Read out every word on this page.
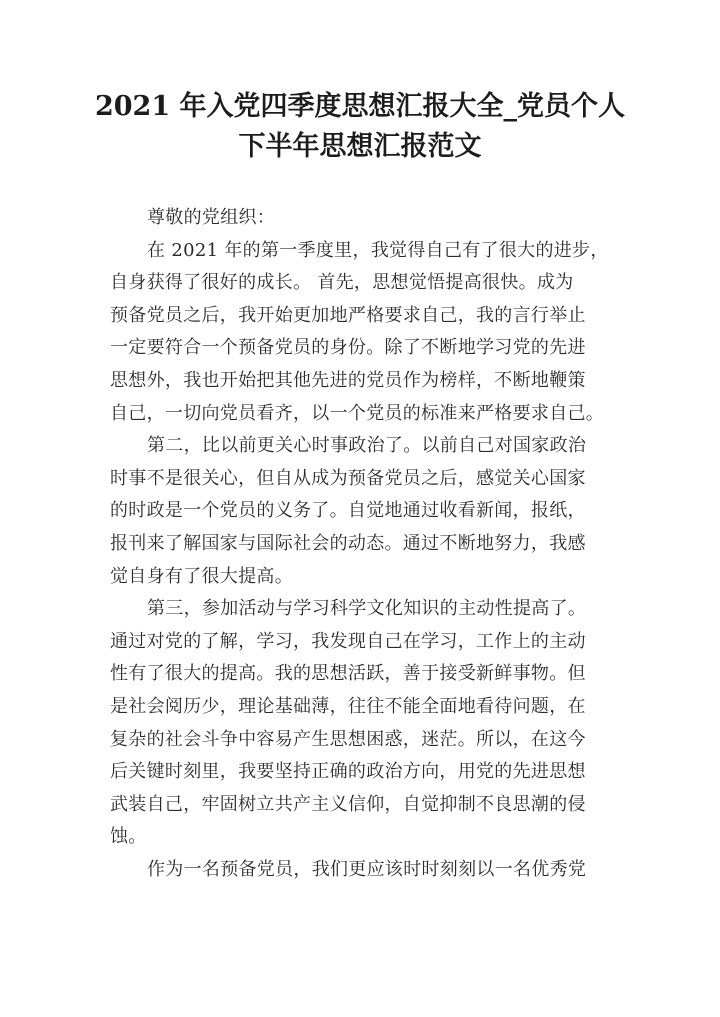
2021 年入党四季度思想汇报大全_党员个人
下半年思想汇报范文
尊敬的党组织：
在 2021 年的第一季度里，我觉得自己有了很大的进步，
自身获得了很好的成长。 首先，思想觉悟提高很快。成为
预备党员之后，我开始更加地严格要求自己，我的言行举止
一定要符合一个预备党员的身份。除了不断地学习党的先进
思想外，我也开始把其他先进的党员作为榜样，不断地鞭策
自己，一切向党员看齐，以一个党员的标准来严格要求自己。
第二，比以前更关心时事政治了。以前自己对国家政治
时事不是很关心，但自从成为预备党员之后，感觉关心国家
的时政是一个党员的义务了。自觉地通过收看新闻，报纸，
报刊来了解国家与国际社会的动态。通过不断地努力，我感
觉自身有了很大提高。
第三，参加活动与学习科学文化知识的主动性提高了。
通过对党的了解，学习，我发现自己在学习，工作上的主动
性有了很大的提高。我的思想活跃，善于接受新鲜事物。但
是社会阅历少，理论基础薄，往往不能全面地看待问题，在
复杂的社会斗争中容易产生思想困惑，迷茫。所以，在这今
后关键时刻里，我要坚持正确的政治方向，用党的先进思想
武装自己，牢固树立共产主义信仰，自觉抑制不良思潮的侵
蚀。
作为一名预备党员，我们更应该时时刻刻以一名优秀党
